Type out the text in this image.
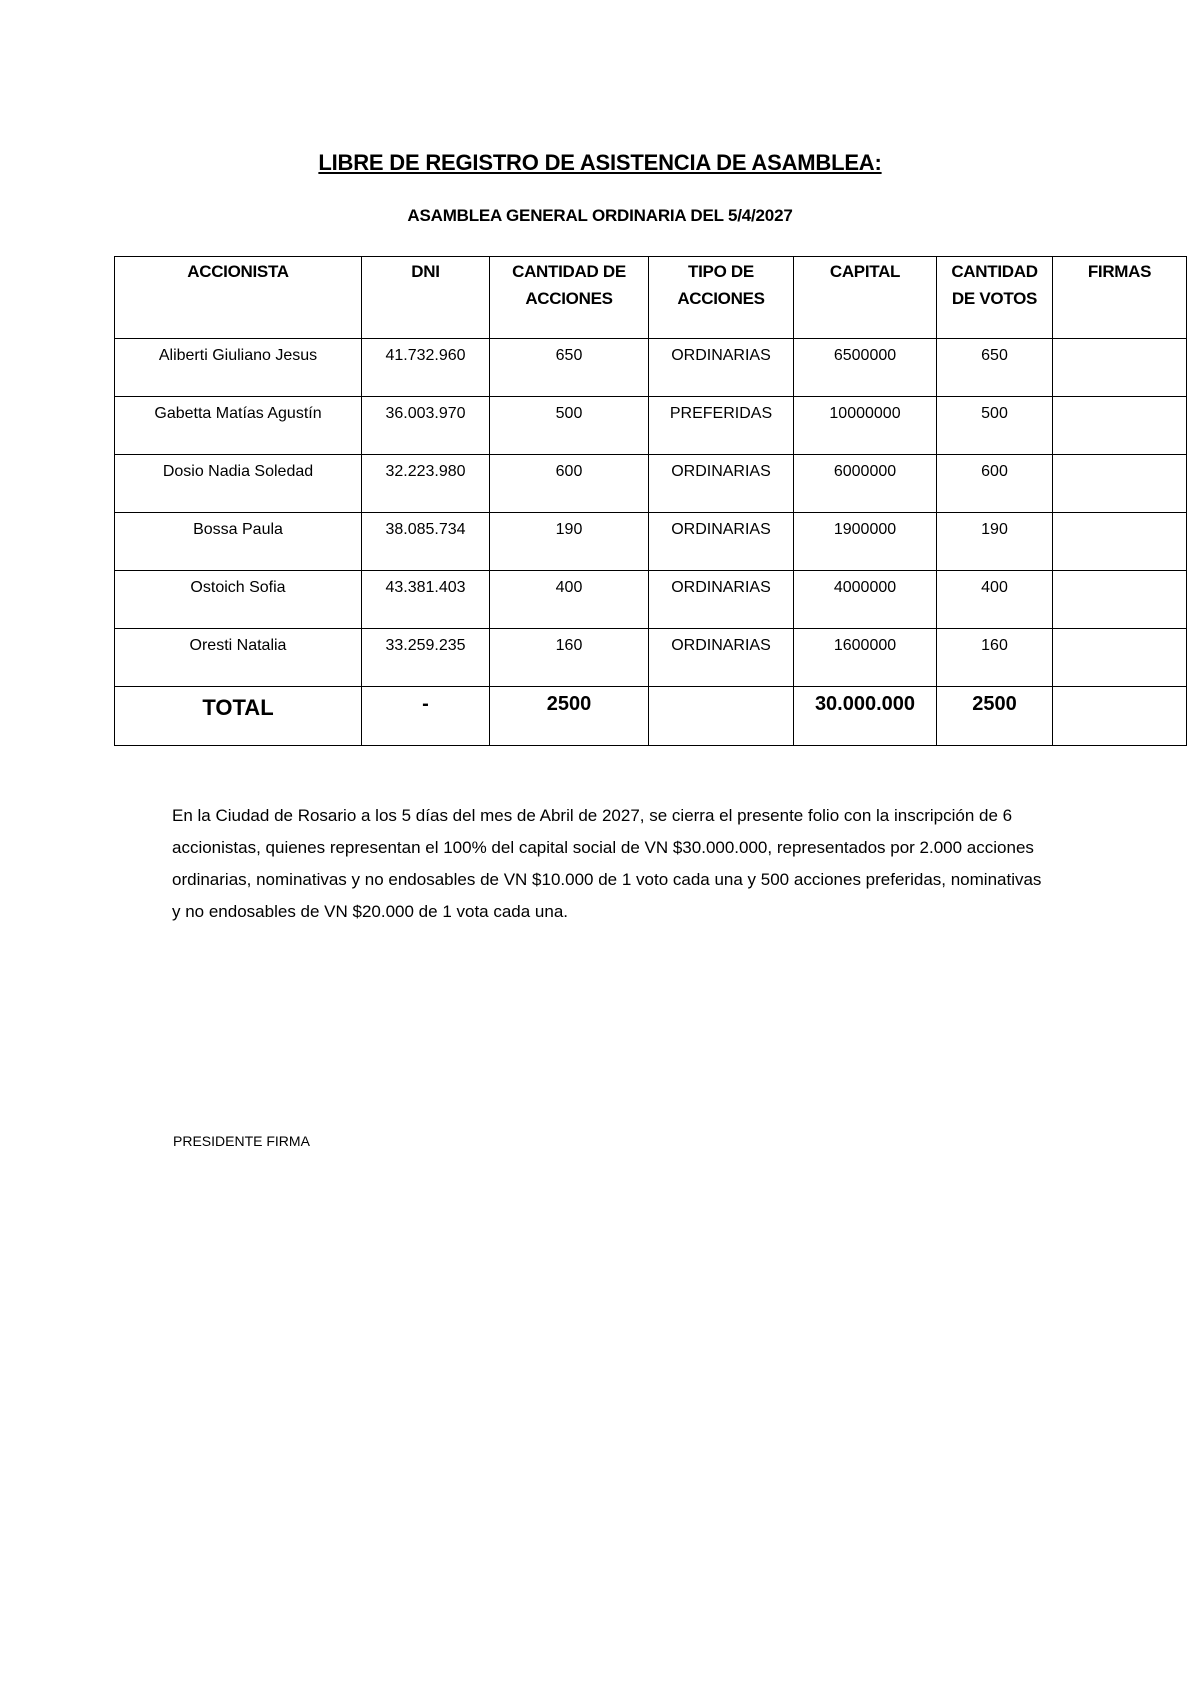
LIBRE DE REGISTRO DE ASISTENCIA DE ASAMBLEA:
ASAMBLEA GENERAL ORDINARIA DEL 5/4/2027
ACCIONISTA	DNI	CANTIDAD DE ACCIONES	TIPO DE ACCIONES	CAPITAL	CANTIDAD DE VOTOS	FIRMAS
Aliberti Giuliano Jesus	41.732.960	650	ORDINARIAS	6500000	650	
Gabetta Matías Agustín	36.003.970	500	PREFERIDAS	10000000	500	
Dosio Nadia Soledad	32.223.980	600	ORDINARIAS	6000000	600	
Bossa Paula	38.085.734	190	ORDINARIAS	1900000	190	
Ostoich Sofia	43.381.403	400	ORDINARIAS	4000000	400	
Oresti Natalia	33.259.235	160	ORDINARIAS	1600000	160	
TOTAL	-	2500		30.000.000	2500	
En la Ciudad de Rosario a los 5 días del mes de Abril de 2027, se cierra el presente folio con la inscripción de 6 accionistas, quienes representan el 100% del capital social de VN $30.000.000, representados por 2.000 acciones ordinarias, nominativas y no endosables de VN $10.000 de 1 voto cada una y 500 acciones preferidas, nominativas y no endosables de VN $20.000 de 1 vota cada una.
PRESIDENTE FIRMA
